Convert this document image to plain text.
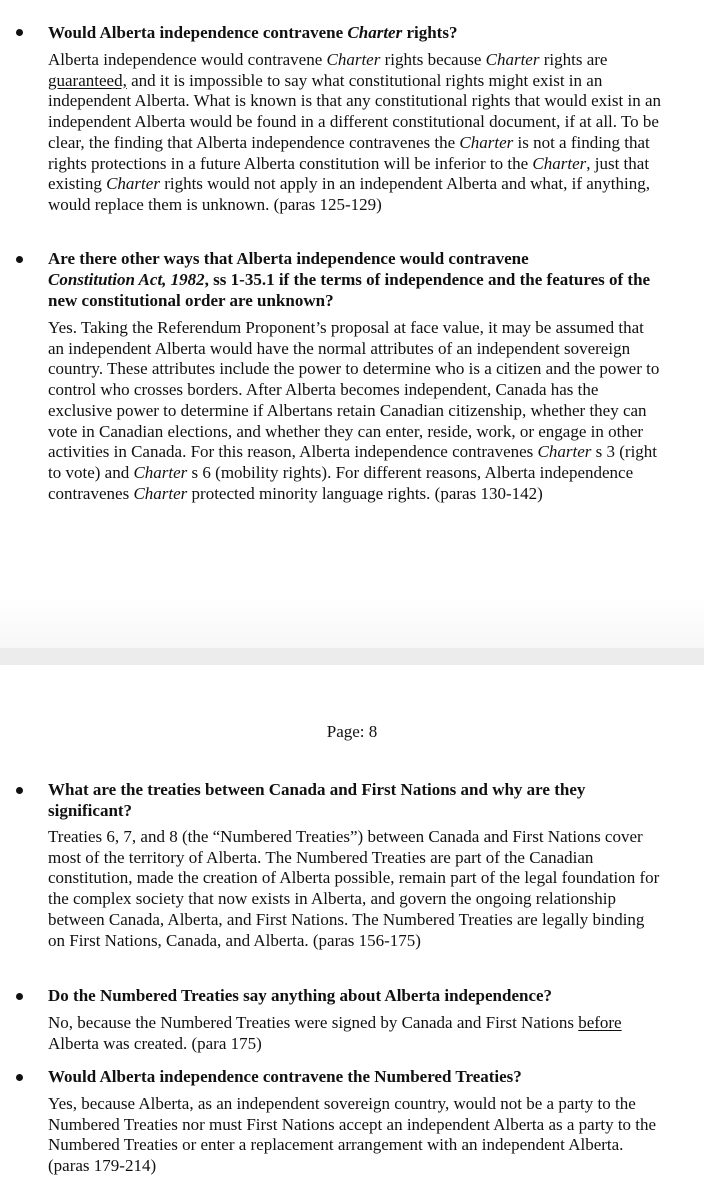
Would Alberta independence contravene Charter rights?

Alberta independence would contravene Charter rights because Charter rights are guaranteed, and it is impossible to say what constitutional rights might exist in an independent Alberta. What is known is that any constitutional rights that would exist in an independent Alberta would be found in a different constitutional document, if at all. To be clear, the finding that Alberta independence contravenes the Charter is not a finding that rights protections in a future Alberta constitution will be inferior to the Charter, just that existing Charter rights would not apply in an independent Alberta and what, if anything, would replace them is unknown. (paras 125-129)

Are there other ways that Alberta independence would contravene
Constitution Act, 1982, ss 1-35.1 if the terms of independence and the features of the new constitutional order are unknown?

Yes. Taking the Referendum Proponent’s proposal at face value, it may be assumed that an independent Alberta would have the normal attributes of an independent sovereign country. These attributes include the power to determine who is a citizen and the power to control who crosses borders. After Alberta becomes independent, Canada has the exclusive power to determine if Albertans retain Canadian citizenship, whether they can vote in Canadian elections, and whether they can enter, reside, work, or engage in other activities in Canada. For this reason, Alberta independence contravenes Charter s 3 (right to vote) and Charter s 6 (mobility rights). For different reasons, Alberta independence contravenes Charter protected minority language rights. (paras 130-142)

Page: 8

What are the treaties between Canada and First Nations and why are they significant?

Treaties 6, 7, and 8 (the “Numbered Treaties”) between Canada and First Nations cover most of the territory of Alberta. The Numbered Treaties are part of the Canadian constitution, made the creation of Alberta possible, remain part of the legal foundation for the complex society that now exists in Alberta, and govern the ongoing relationship between Canada, Alberta, and First Nations. The Numbered Treaties are legally binding on First Nations, Canada, and Alberta. (paras 156-175)

Do the Numbered Treaties say anything about Alberta independence?

No, because the Numbered Treaties were signed by Canada and First Nations before Alberta was created. (para 175)

Would Alberta independence contravene the Numbered Treaties?

Yes, because Alberta, as an independent sovereign country, would not be a party to the Numbered Treaties nor must First Nations accept an independent Alberta as a party to the Numbered Treaties or enter a replacement arrangement with an independent Alberta. (paras 179-214)
